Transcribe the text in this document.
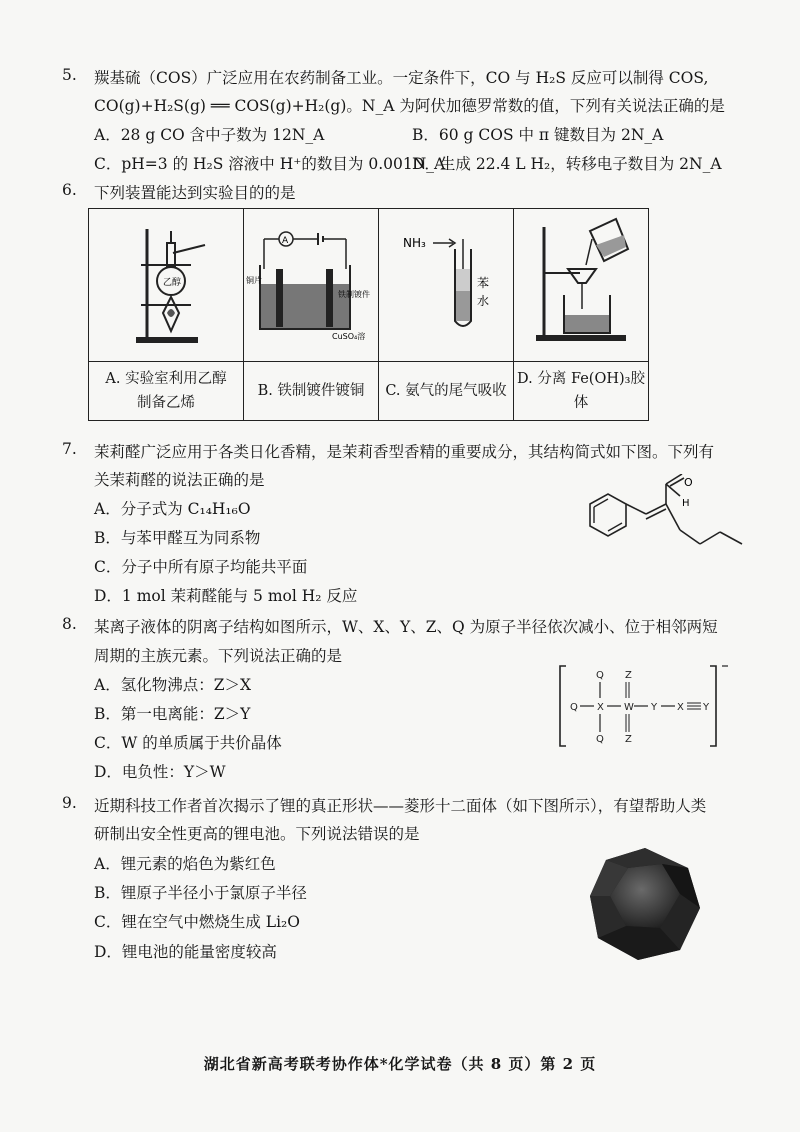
5. 羰基硫（COS）广泛应用在农药制备工业。一定条件下，CO 与 H₂S 反应可以制得 COS,
CO(g)+H₂S(g) ══ COS(g)+H₂(g)。N_A 为阿伏加德罗常数的值，下列有关说法正确的是
A．28 g CO 含中子数为 12N_A	B．60 g COS 中 π 键数目为 2N_A
C．pH=3 的 H₂S 溶液中 H⁺的数目为 0.001N_A
D．生成 22.4 L H₂，转移电子数目为 2N_A
6. 下列装置能达到实验目的的是
乙醇	A
铜片
铁制镀件
CuSO₄溶	NH₃
苯
水

A. 实验室利用乙醇制备乙烯	B. 铁制镀件镀铜	C. 氨气的尾气吸收	D. 分离 Fe(OH)₃胶体
7. 茉莉醛广泛应用于各类日化香精，是茉莉香型香精的重要成分，其结构简式如下图。下列有
关茉莉醛的说法正确的是
A．分子式为 C₁₄H₁₆O
B．与苯甲醛互为同系物
C．分子中所有原子均能共平面
D．1 mol 茉莉醛能与 5 mol H₂ 反应
O
H
8. 某离子液体的阴离子结构如图所示，W、X、Y、Z、Q 为原子半径依次减小、位于相邻两短
周期的主族元素。下列说法正确的是
A．氢化物沸点：Z＞X
B．第一电离能：Z＞Y
C．W 的单质属于共价晶体
D．电负性：Y＞W
Q
Q
Q
X W
Z
Z
Y X Y
9. 近期科技工作者首次揭示了锂的真正形状——菱形十二面体（如下图所示），有望帮助人类
研制出安全性更高的锂电池。下列说法错误的是
A．锂元素的焰色为紫红色
B．锂原子半径小于氯原子半径
C．锂在空气中燃烧生成 Li₂O
D．锂电池的能量密度较高
湖北省新高考联考协作体*化学试卷（共 8 页）第 2 页
